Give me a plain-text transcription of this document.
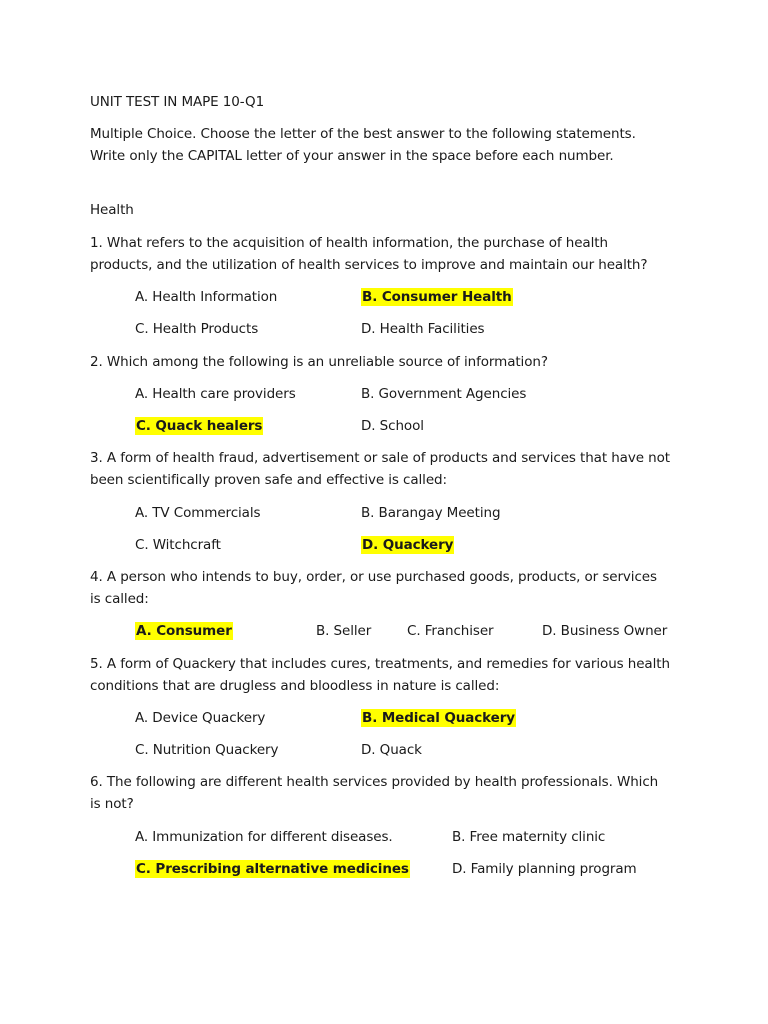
UNIT TEST IN MAPE 10-Q1
Multiple Choice. Choose the letter of the best answer to the following statements. Write only the CAPITAL letter of your answer in the space before each number.
Health
1. What refers to the acquisition of health information, the purchase of health products, and the utilization of health services to improve and maintain our health?
A. Health Information	B. Consumer Health
C. Health Products	D. Health Facilities
2. Which among the following is an unreliable source of information?
A. Health care providers	B. Government Agencies
C. Quack healers	D. School
3. A form of health fraud, advertisement or sale of products and services that have not been scientifically proven safe and effective is called:
A. TV Commercials	B. Barangay Meeting
C. Witchcraft	D. Quackery
4. A person who intends to buy, order, or use purchased goods, products, or services is called:
A. Consumer	B. Seller	C. Franchiser	D. Business Owner
5. A form of Quackery that includes cures, treatments, and remedies for various health conditions that are drugless and bloodless in nature is called:
A. Device Quackery	B. Medical Quackery
C. Nutrition Quackery	D. Quack
6. The following are different health services provided by health professionals. Which is not?
A. Immunization for different diseases.	B. Free maternity clinic
C. Prescribing alternative medicines	D. Family planning program
